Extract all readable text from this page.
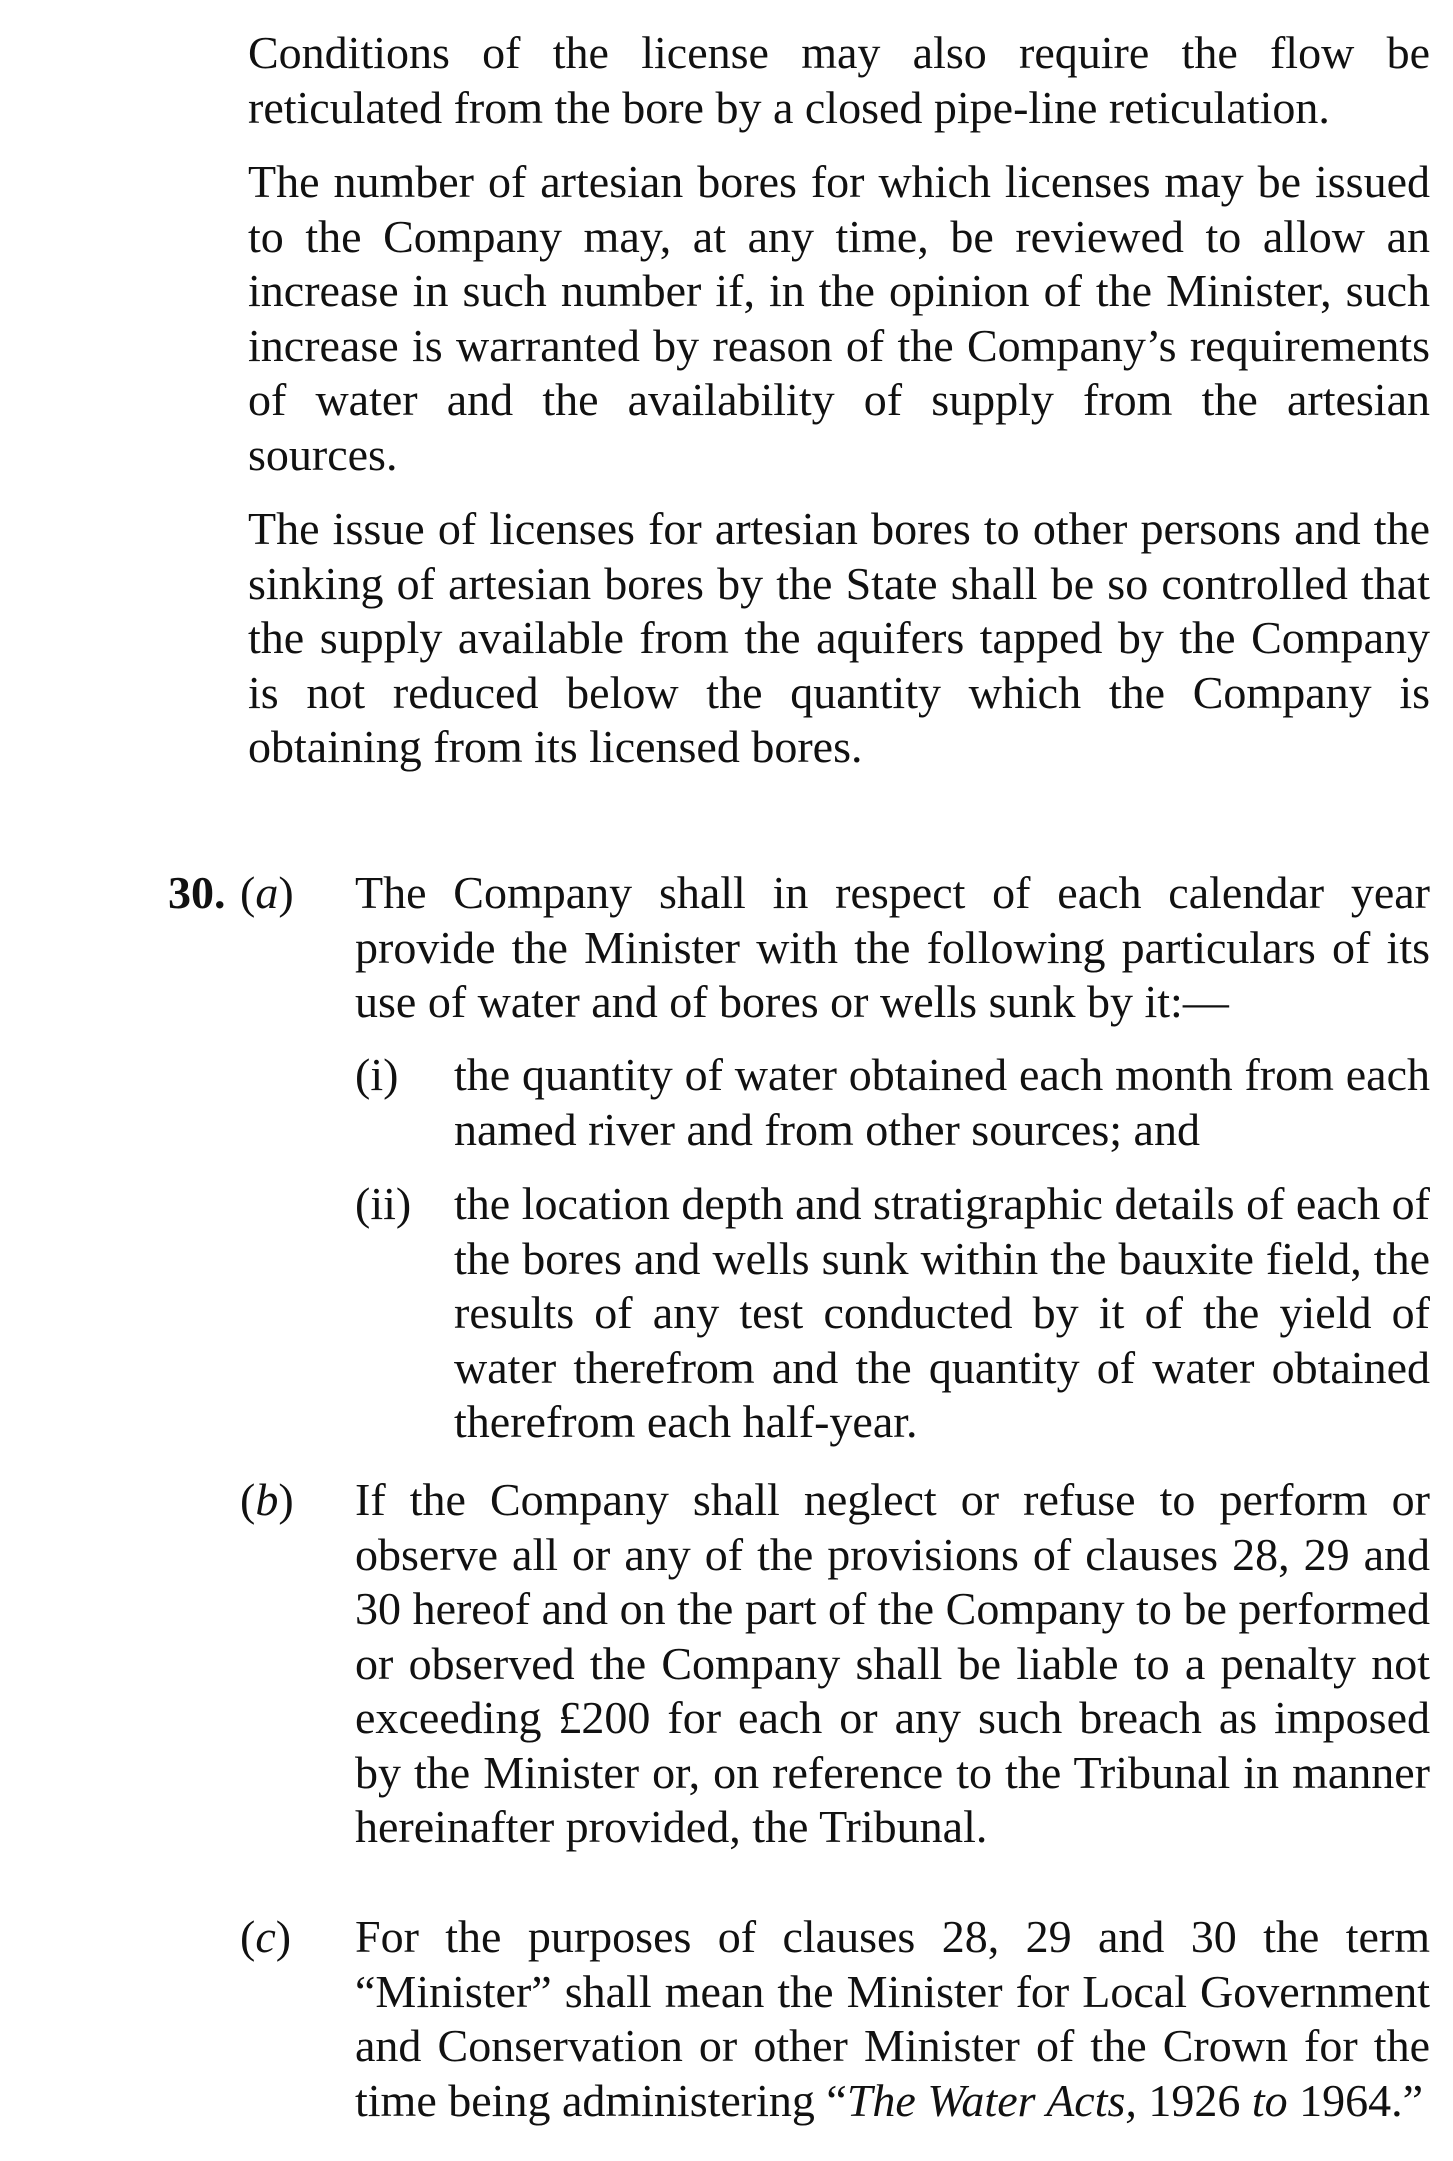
Conditions of the license may also require the flow be reticulated from the bore by a closed pipe-line reticulation.

The number of artesian bores for which licenses may be issued to the Company may, at any time, be reviewed to allow an increase in such number if, in the opinion of the Minister, such increase is warranted by reason of the Company’s requirements of water and the availability of supply from the artesian sources.

The issue of licenses for artesian bores to other persons and the sinking of artesian bores by the State shall be so controlled that the supply available from the aquifers tapped by the Company is not reduced below the quantity which the Company is obtaining from its licensed bores.

30. (a) The Company shall in respect of each calendar year provide the Minister with the following particulars of its use of water and of bores or wells sunk by it:—

(i) the quantity of water obtained each month from each named river and from other sources; and

(ii) the location depth and stratigraphic details of each of the bores and wells sunk within the bauxite field, the results of any test conducted by it of the yield of water therefrom and the quantity of water obtained therefrom each half-year.

(b) If the Company shall neglect or refuse to perform or observe all or any of the provisions of clauses 28, 29 and 30 hereof and on the part of the Company to be performed or observed the Company shall be liable to a penalty not exceeding £200 for each or any such breach as imposed by the Minister or, on reference to the Tribunal in manner hereinafter provided, the Tribunal.

(c) For the purposes of clauses 28, 29 and 30 the term “Minister” shall mean the Minister for Local Government and Conservation or other Minister of the Crown for the time being administering “The Water Acts, 1926 to 1964.”
